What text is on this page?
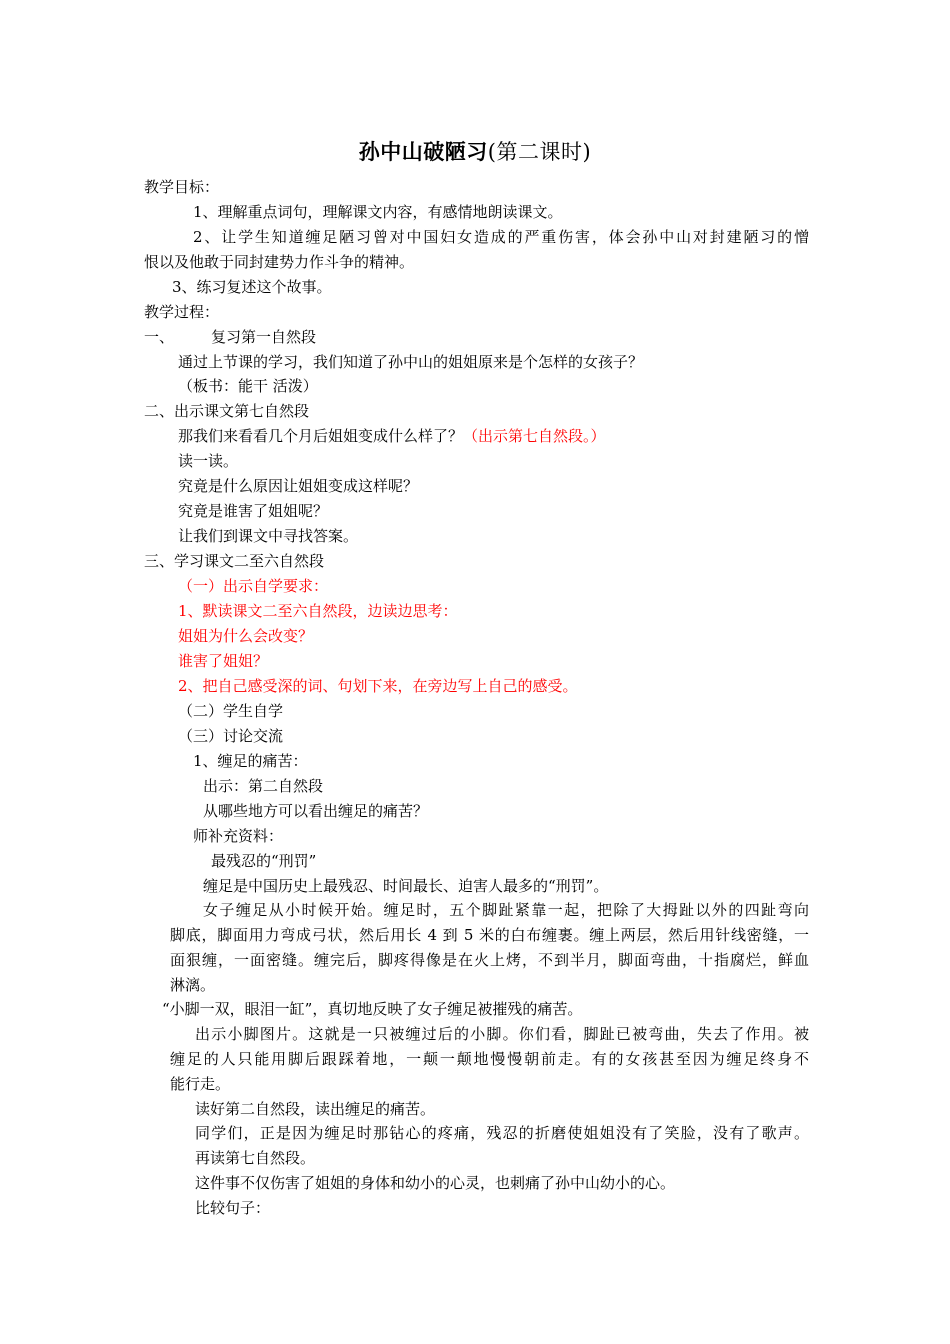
孙中山破陋习(第二课时)
教学目标：
1、理解重点词句，理解课文内容，有感情地朗读课文。
2、让学生知道缠足陋习曾对中国妇女造成的严重伤害，体会孙中山对封建陋习的憎
恨以及他敢于同封建势力作斗争的精神。
3、练习复述这个故事。
教学过程：
一、 复习第一自然段
通过上节课的学习，我们知道了孙中山的姐姐原来是个怎样的女孩子？
（板书：能干 活泼）
二、出示课文第七自然段
那我们来看看几个月后姐姐变成什么样了？（出示第七自然段。）
读一读。
究竟是什么原因让姐姐变成这样呢？
究竟是谁害了姐姐呢？
让我们到课文中寻找答案。
三、学习课文二至六自然段
（一）出示自学要求：
1、默读课文二至六自然段，边读边思考：
姐姐为什么会改变？
谁害了姐姐？
2、把自己感受深的词、句划下来，在旁边写上自己的感受。
（二）学生自学
（三）讨论交流
1、缠足的痛苦：
出示：第二自然段
从哪些地方可以看出缠足的痛苦？
师补充资料：
最残忍的“刑罚”
缠足是中国历史上最残忍、时间最长、迫害人最多的“刑罚”。
女子缠足从小时候开始。缠足时，五个脚趾紧靠一起，把除了大拇趾以外的四趾弯向
脚底，脚面用力弯成弓状，然后用长 4 到 5 米的白布缠裹。缠上两层，然后用针线密缝，一
面狠缠，一面密缝。缠完后，脚疼得像是在火上烤，不到半月，脚面弯曲，十指腐烂，鲜血
淋漓。
“小脚一双，眼泪一缸”，真切地反映了女子缠足被摧残的痛苦。
出示小脚图片。这就是一只被缠过后的小脚。你们看，脚趾已被弯曲，失去了作用。被
缠足的人只能用脚后跟踩着地，一颠一颠地慢慢朝前走。有的女孩甚至因为缠足终身不
能行走。
读好第二自然段，读出缠足的痛苦。
同学们，正是因为缠足时那钻心的疼痛，残忍的折磨使姐姐没有了笑脸，没有了歌声。
再读第七自然段。
这件事不仅伤害了姐姐的身体和幼小的心灵，也刺痛了孙中山幼小的心。
比较句子：
